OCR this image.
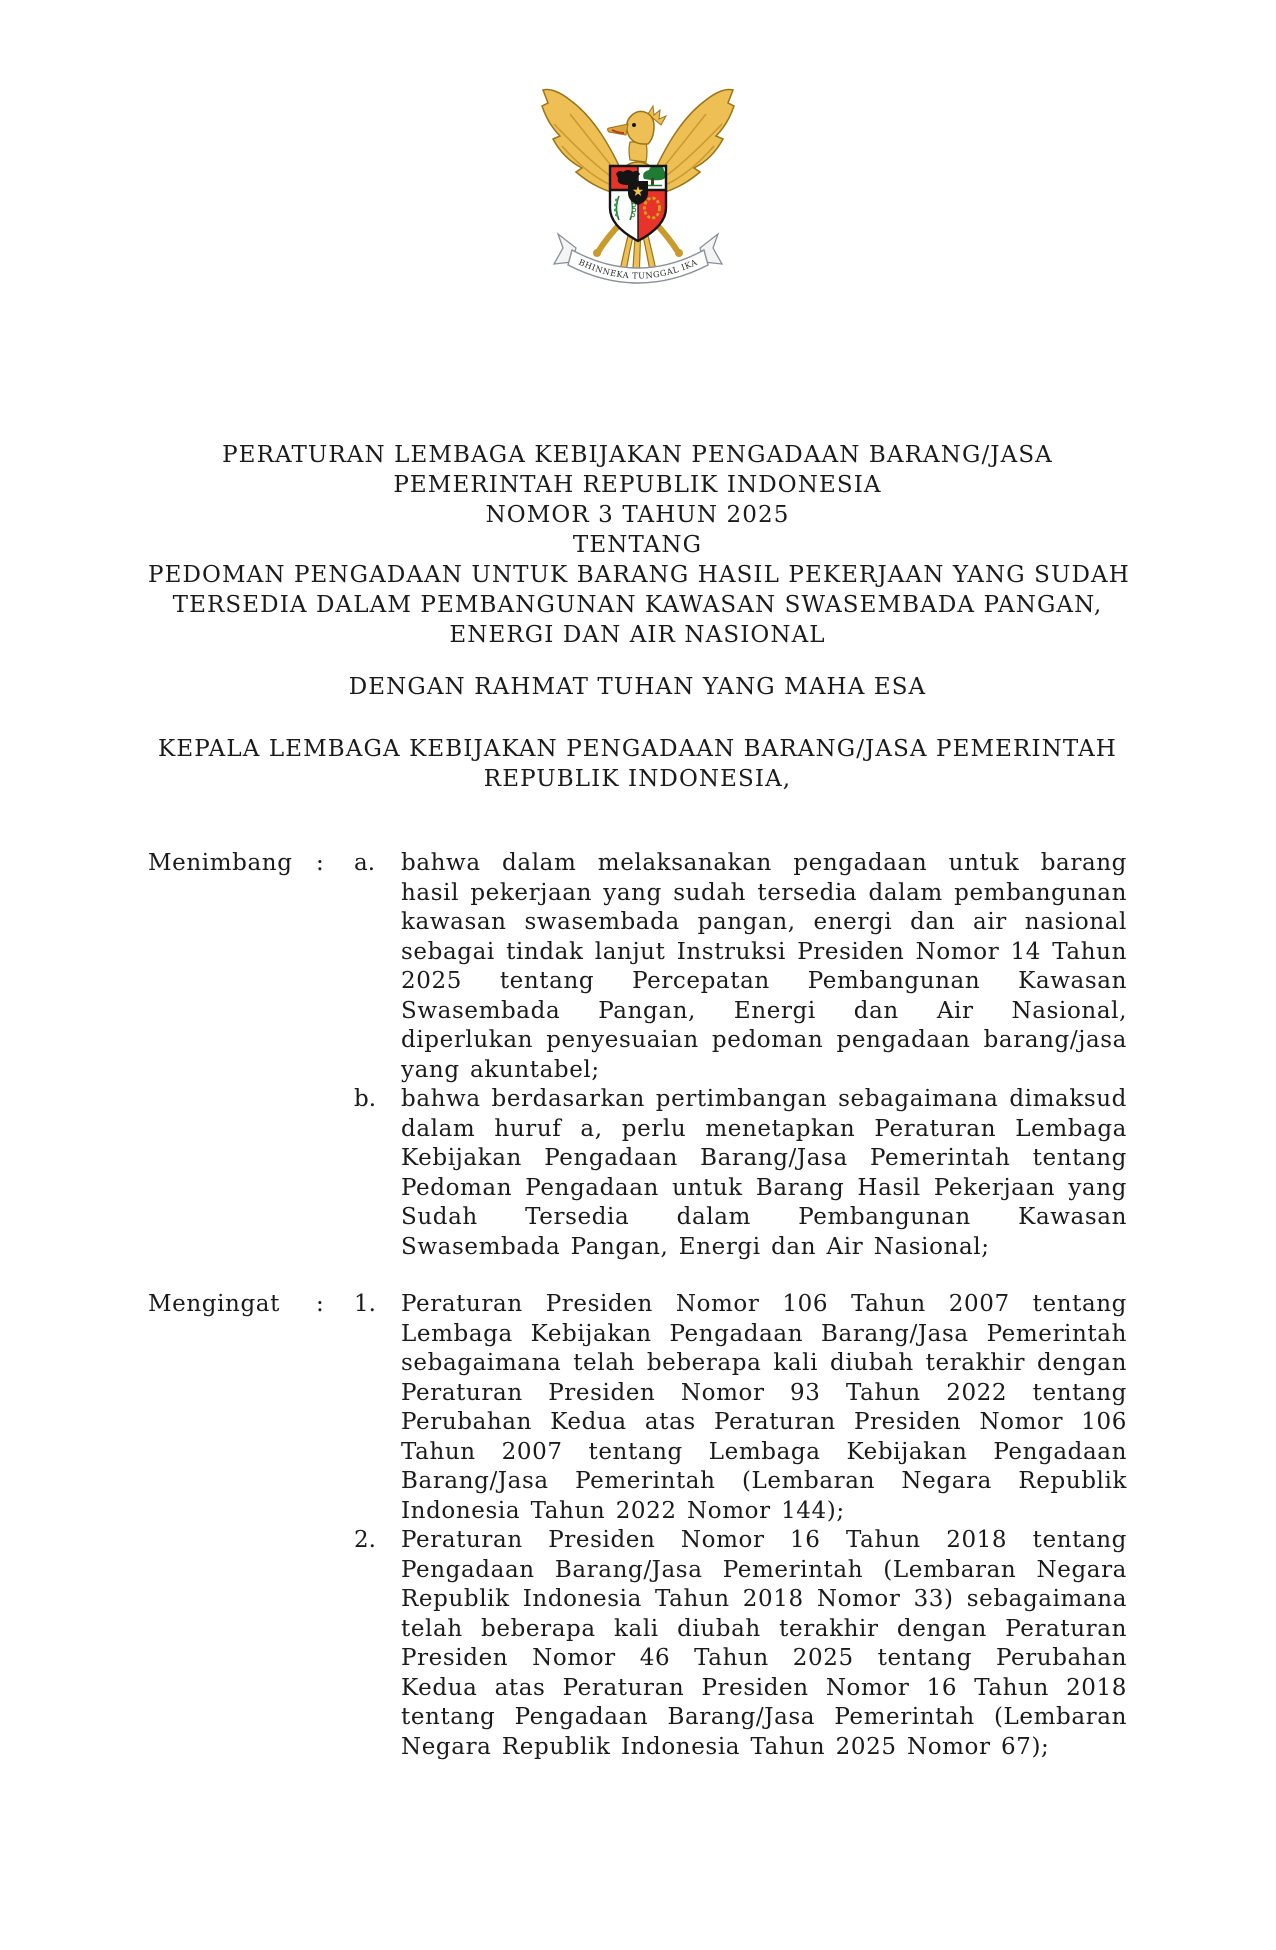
BHINNEKA TUNGGAL IKA
PERATURAN LEMBAGA KEBIJAKAN PENGADAAN BARANG/JASA
PEMERINTAH REPUBLIK INDONESIA
NOMOR 3 TAHUN 2025
TENTANG
PEDOMAN PENGADAAN UNTUK BARANG HASIL PEKERJAAN YANG SUDAH
TERSEDIA DALAM PEMBANGUNAN KAWASAN SWASEMBADA PANGAN,
ENERGI DAN AIR NASIONAL
DENGAN RAHMAT TUHAN YANG MAHA ESA
KEPALA LEMBAGA KEBIJAKAN PENGADAAN BARANG/JASA PEMERINTAH
REPUBLIK INDONESIA,
Menimbang	:	a.	bahwa dalam melaksanakan pengadaan untuk barang hasil pekerjaan yang sudah tersedia dalam pembangunan kawasan swasembada pangan, energi dan air nasional sebagai tindak lanjut Instruksi Presiden Nomor 14 Tahun 2025 tentang Percepatan Pembangunan Kawasan Swasembada Pangan, Energi dan Air Nasional, diperlukan penyesuaian pedoman pengadaan barang/jasa yang akuntabel;
b.	bahwa berdasarkan pertimbangan sebagaimana dimaksud dalam huruf a, perlu menetapkan Peraturan Lembaga Kebijakan Pengadaan Barang/Jasa Pemerintah tentang Pedoman Pengadaan untuk Barang Hasil Pekerjaan yang Sudah Tersedia dalam Pembangunan Kawasan Swasembada Pangan, Energi dan Air Nasional;
Mengingat	:	1.	Peraturan Presiden Nomor 106 Tahun 2007 tentang Lembaga Kebijakan Pengadaan Barang/Jasa Pemerintah sebagaimana telah beberapa kali diubah terakhir dengan Peraturan Presiden Nomor 93 Tahun 2022 tentang Perubahan Kedua atas Peraturan Presiden Nomor 106 Tahun 2007 tentang Lembaga Kebijakan Pengadaan Barang/Jasa Pemerintah (Lembaran Negara Republik Indonesia Tahun 2022 Nomor 144);
2.	Peraturan Presiden Nomor 16 Tahun 2018 tentang Pengadaan Barang/Jasa Pemerintah (Lembaran Negara Republik Indonesia Tahun 2018 Nomor 33) sebagaimana telah beberapa kali diubah terakhir dengan Peraturan Presiden Nomor 46 Tahun 2025 tentang Perubahan Kedua atas Peraturan Presiden Nomor 16 Tahun 2018 tentang Pengadaan Barang/Jasa Pemerintah (Lembaran Negara Republik Indonesia Tahun 2025 Nomor 67);
